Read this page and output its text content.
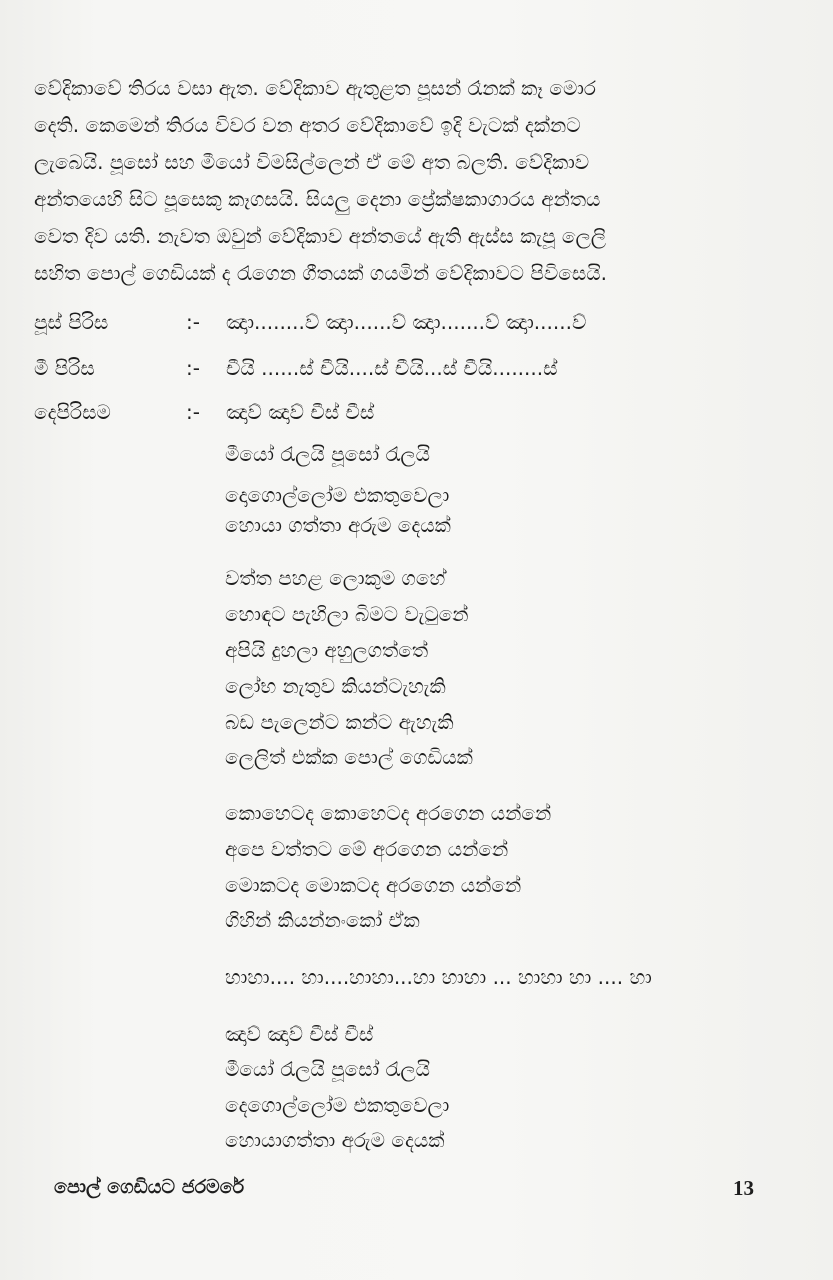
වේදිකාවේ තිරය වසා ඇත. වේදිකාව ඇතුළත පූසන් රෑනක් කෑ මොර
දෙති. කෙමෙන් තිරය විවර වන අතර වේදිකාවේ ඉදි වැටක් දක්නට
ලැබෙයි. පූසෝ සහ මීයෝ විමසිල්ලෙන් ඒ මේ අත බලති. වේදිකාව
අන්තයෙහි සිට පූසෙකු කෑගසයි. සියලු දෙනා ප්‍රේක්ෂකාගාරය අන්තය
වෙත දිව යති. නැවත ඔවුන් වේදිකාව අන්තයේ ඇති ඇස්ස කැපූ ලෙලි
සහිත පොල් ගෙඩියක් ද රැගෙන ගීතයක් ගයමින් වේදිකාවට පිවිසෙයි.
පූස් පිරිස	:- ඤාා........ව් ඤාා......ව් ඤාා.......ව් ඤාා......ව්
මී පිරිස	:- චීයි ......ස් චීයි....ස් චීයි...ස් චීයි........ස්
දෙපිරිසම	:- ඤාව් ඤාව් චීස් චීස්
මීයෝ රැලයි පූසෝ රැලයි
දොගොල්ලෝම එකතුවෙලා
හොයා ගත්තා අරුම දෙයක්
වත්ත පහළ ලොකුම ගහේ
හොඳට පැහිලා බිමට වැටුනේ
අපියි දුහලා අහුලගත්තේ
ලෝභ නැතුව කියන්ටැහැකි
බඩ පැලෙන්ට කන්ට ඇහැකි
ලෙලිත් එක්ක පොල් ගෙඩියක්
කොහෙටද කොහෙටද අරගෙන යන්නේ
අපෙ වත්තට මේ අරගෙන යන්නේ
මොකටද මොකටද අරගෙන යන්නේ
ගිහින් කියන්නංකෝ ඒක
හාහා.... හා....හාහා...හා හාහා ... හාහා හා .... හා
ඤාව් ඤාව් චීස් චීස්
මීයෝ රැලයි පූසෝ රැලයි
දෙගොල්ලෝම එකතුවෙලා
හොයාගත්තා අරුම දෙයක්
පොල් ගෙඩියට ජරමරේ	13
